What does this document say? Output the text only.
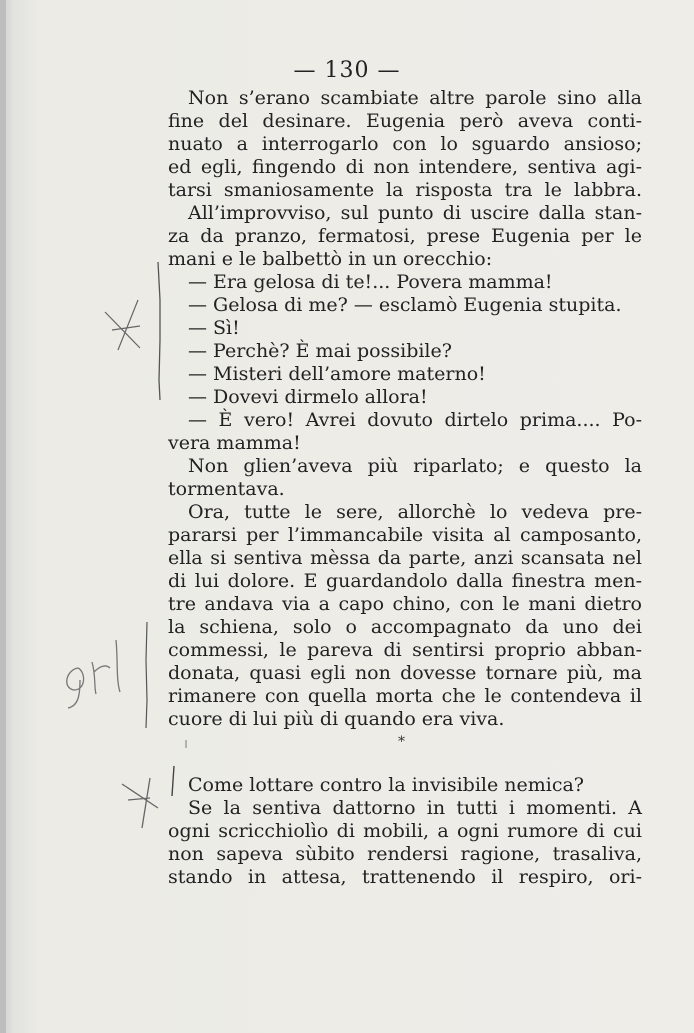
— 130 —
Non s’erano scambiate altre parole sino alla
fine del desinare. Eugenia però aveva conti-
nuato a interrogarlo con lo sguardo ansioso;
ed egli, fingendo di non intendere, sentiva agi-
tarsi smaniosamente la risposta tra le labbra.
All’improvviso, sul punto di uscire dalla stan-
za da pranzo, fermatosi, prese Eugenia per le
mani e le balbettò in un orecchio:
— Era gelosa di te!... Povera mamma!
— Gelosa di me? — esclamò Eugenia stupita.
— Sì!
— Perchè? È mai possibile?
— Misteri dell’amore materno!
— Dovevi dirmelo allora!
— È vero! Avrei dovuto dirtelo prima.... Po-
vera mamma!
Non glien’aveva più riparlato; e questo la
tormentava.
Ora, tutte le sere, allorchè lo vedeva pre-
pararsi per l’immancabile visita al camposanto,
ella si sentiva mèssa da parte, anzi scansata nel
di lui dolore. E guardandolo dalla finestra men-
tre andava via a capo chino, con le mani dietro
la schiena, solo o accompagnato da uno dei
commessi, le pareva di sentirsi proprio abban-
donata, quasi egli non dovesse tornare più, ma
rimanere con quella morta che le contendeva il
cuore di lui più di quando era viva.
*
Come lottare contro la invisibile nemica?
Se la sentiva dattorno in tutti i momenti. A
ogni scricchiolìo di mobili, a ogni rumore di cui
non sapeva sùbito rendersi ragione, trasaliva,
stando in attesa, trattenendo il respiro, ori-
